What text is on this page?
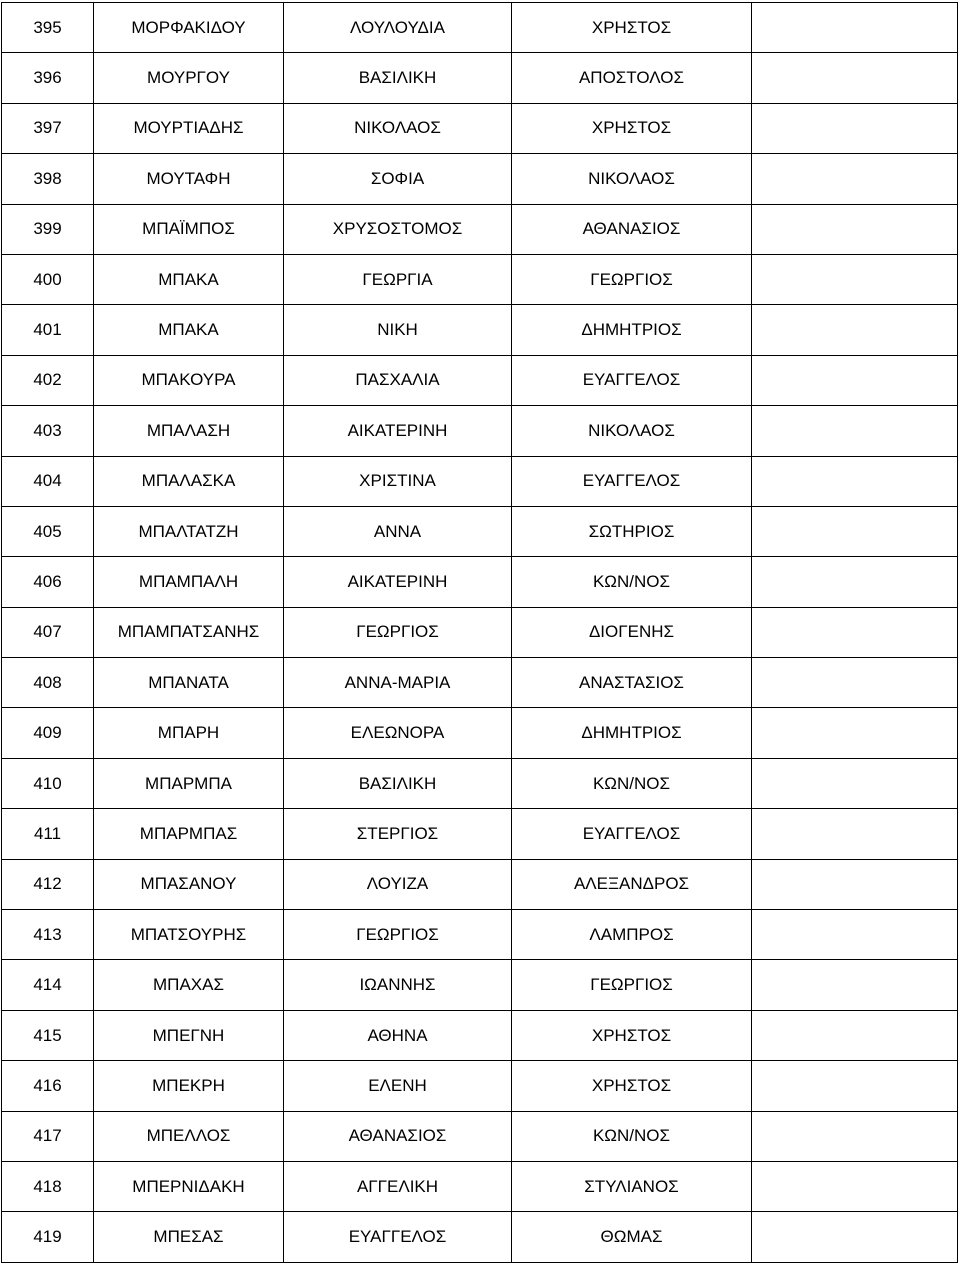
395	ΜΟΡΦΑΚΙΔΟΥ	ΛΟΥΛΟΥΔΙΑ	ΧΡΗΣΤΟΣ	
396	ΜΟΥΡΓΟΥ	ΒΑΣΙΛΙΚΗ	ΑΠΟΣΤΟΛΟΣ	
397	ΜΟΥΡΤΙΑΔΗΣ	ΝΙΚΟΛΑΟΣ	ΧΡΗΣΤΟΣ	
398	ΜΟΥΤΑΦΗ	ΣΟΦΙΑ	ΝΙΚΟΛΑΟΣ	
399	ΜΠΑΪΜΠΟΣ	ΧΡΥΣΟΣΤΟΜΟΣ	ΑΘΑΝΑΣΙΟΣ	
400	ΜΠΑΚΑ	ΓΕΩΡΓΙΑ	ΓΕΩΡΓΙΟΣ	
401	ΜΠΑΚΑ	ΝΙΚΗ	ΔΗΜΗΤΡΙΟΣ	
402	ΜΠΑΚΟΥΡΑ	ΠΑΣΧΑΛΙΑ	ΕΥΑΓΓΕΛΟΣ	
403	ΜΠΑΛΑΣΗ	ΑΙΚΑΤΕΡΙΝΗ	ΝΙΚΟΛΑΟΣ	
404	ΜΠΑΛΑΣΚΑ	ΧΡΙΣΤΙΝΑ	ΕΥΑΓΓΕΛΟΣ	
405	ΜΠΑΛΤΑΤΖΗ	ΑΝΝΑ	ΣΩΤΗΡΙΟΣ	
406	ΜΠΑΜΠΑΛΗ	ΑΙΚΑΤΕΡΙΝΗ	ΚΩΝ/ΝΟΣ	
407	ΜΠΑΜΠΑΤΣΑΝΗΣ	ΓΕΩΡΓΙΟΣ	ΔΙΟΓΕΝΗΣ	
408	ΜΠΑΝΑΤΑ	ΑΝΝΑ-ΜΑΡΙΑ	ΑΝΑΣΤΑΣΙΟΣ	
409	ΜΠΑΡΗ	ΕΛΕΩΝΟΡΑ	ΔΗΜΗΤΡΙΟΣ	
410	ΜΠΑΡΜΠΑ	ΒΑΣΙΛΙΚΗ	ΚΩΝ/ΝΟΣ	
411	ΜΠΑΡΜΠΑΣ	ΣΤΕΡΓΙΟΣ	ΕΥΑΓΓΕΛΟΣ	
412	ΜΠΑΣΑΝΟΥ	ΛΟΥΙΖΑ	ΑΛΕΞΑΝΔΡΟΣ	
413	ΜΠΑΤΣΟΥΡΗΣ	ΓΕΩΡΓΙΟΣ	ΛΑΜΠΡΟΣ	
414	ΜΠΑΧΑΣ	ΙΩΑΝΝΗΣ	ΓΕΩΡΓΙΟΣ	
415	ΜΠΕΓΝΗ	ΑΘΗΝΑ	ΧΡΗΣΤΟΣ	
416	ΜΠΕΚΡΗ	ΕΛΕΝΗ	ΧΡΗΣΤΟΣ	
417	ΜΠΕΛΛΟΣ	ΑΘΑΝΑΣΙΟΣ	ΚΩΝ/ΝΟΣ	
418	ΜΠΕΡΝΙΔΑΚΗ	ΑΓΓΕΛΙΚΗ	ΣΤΥΛΙΑΝΟΣ	
419	ΜΠΕΣΑΣ	ΕΥΑΓΓΕΛΟΣ	ΘΩΜΑΣ	
